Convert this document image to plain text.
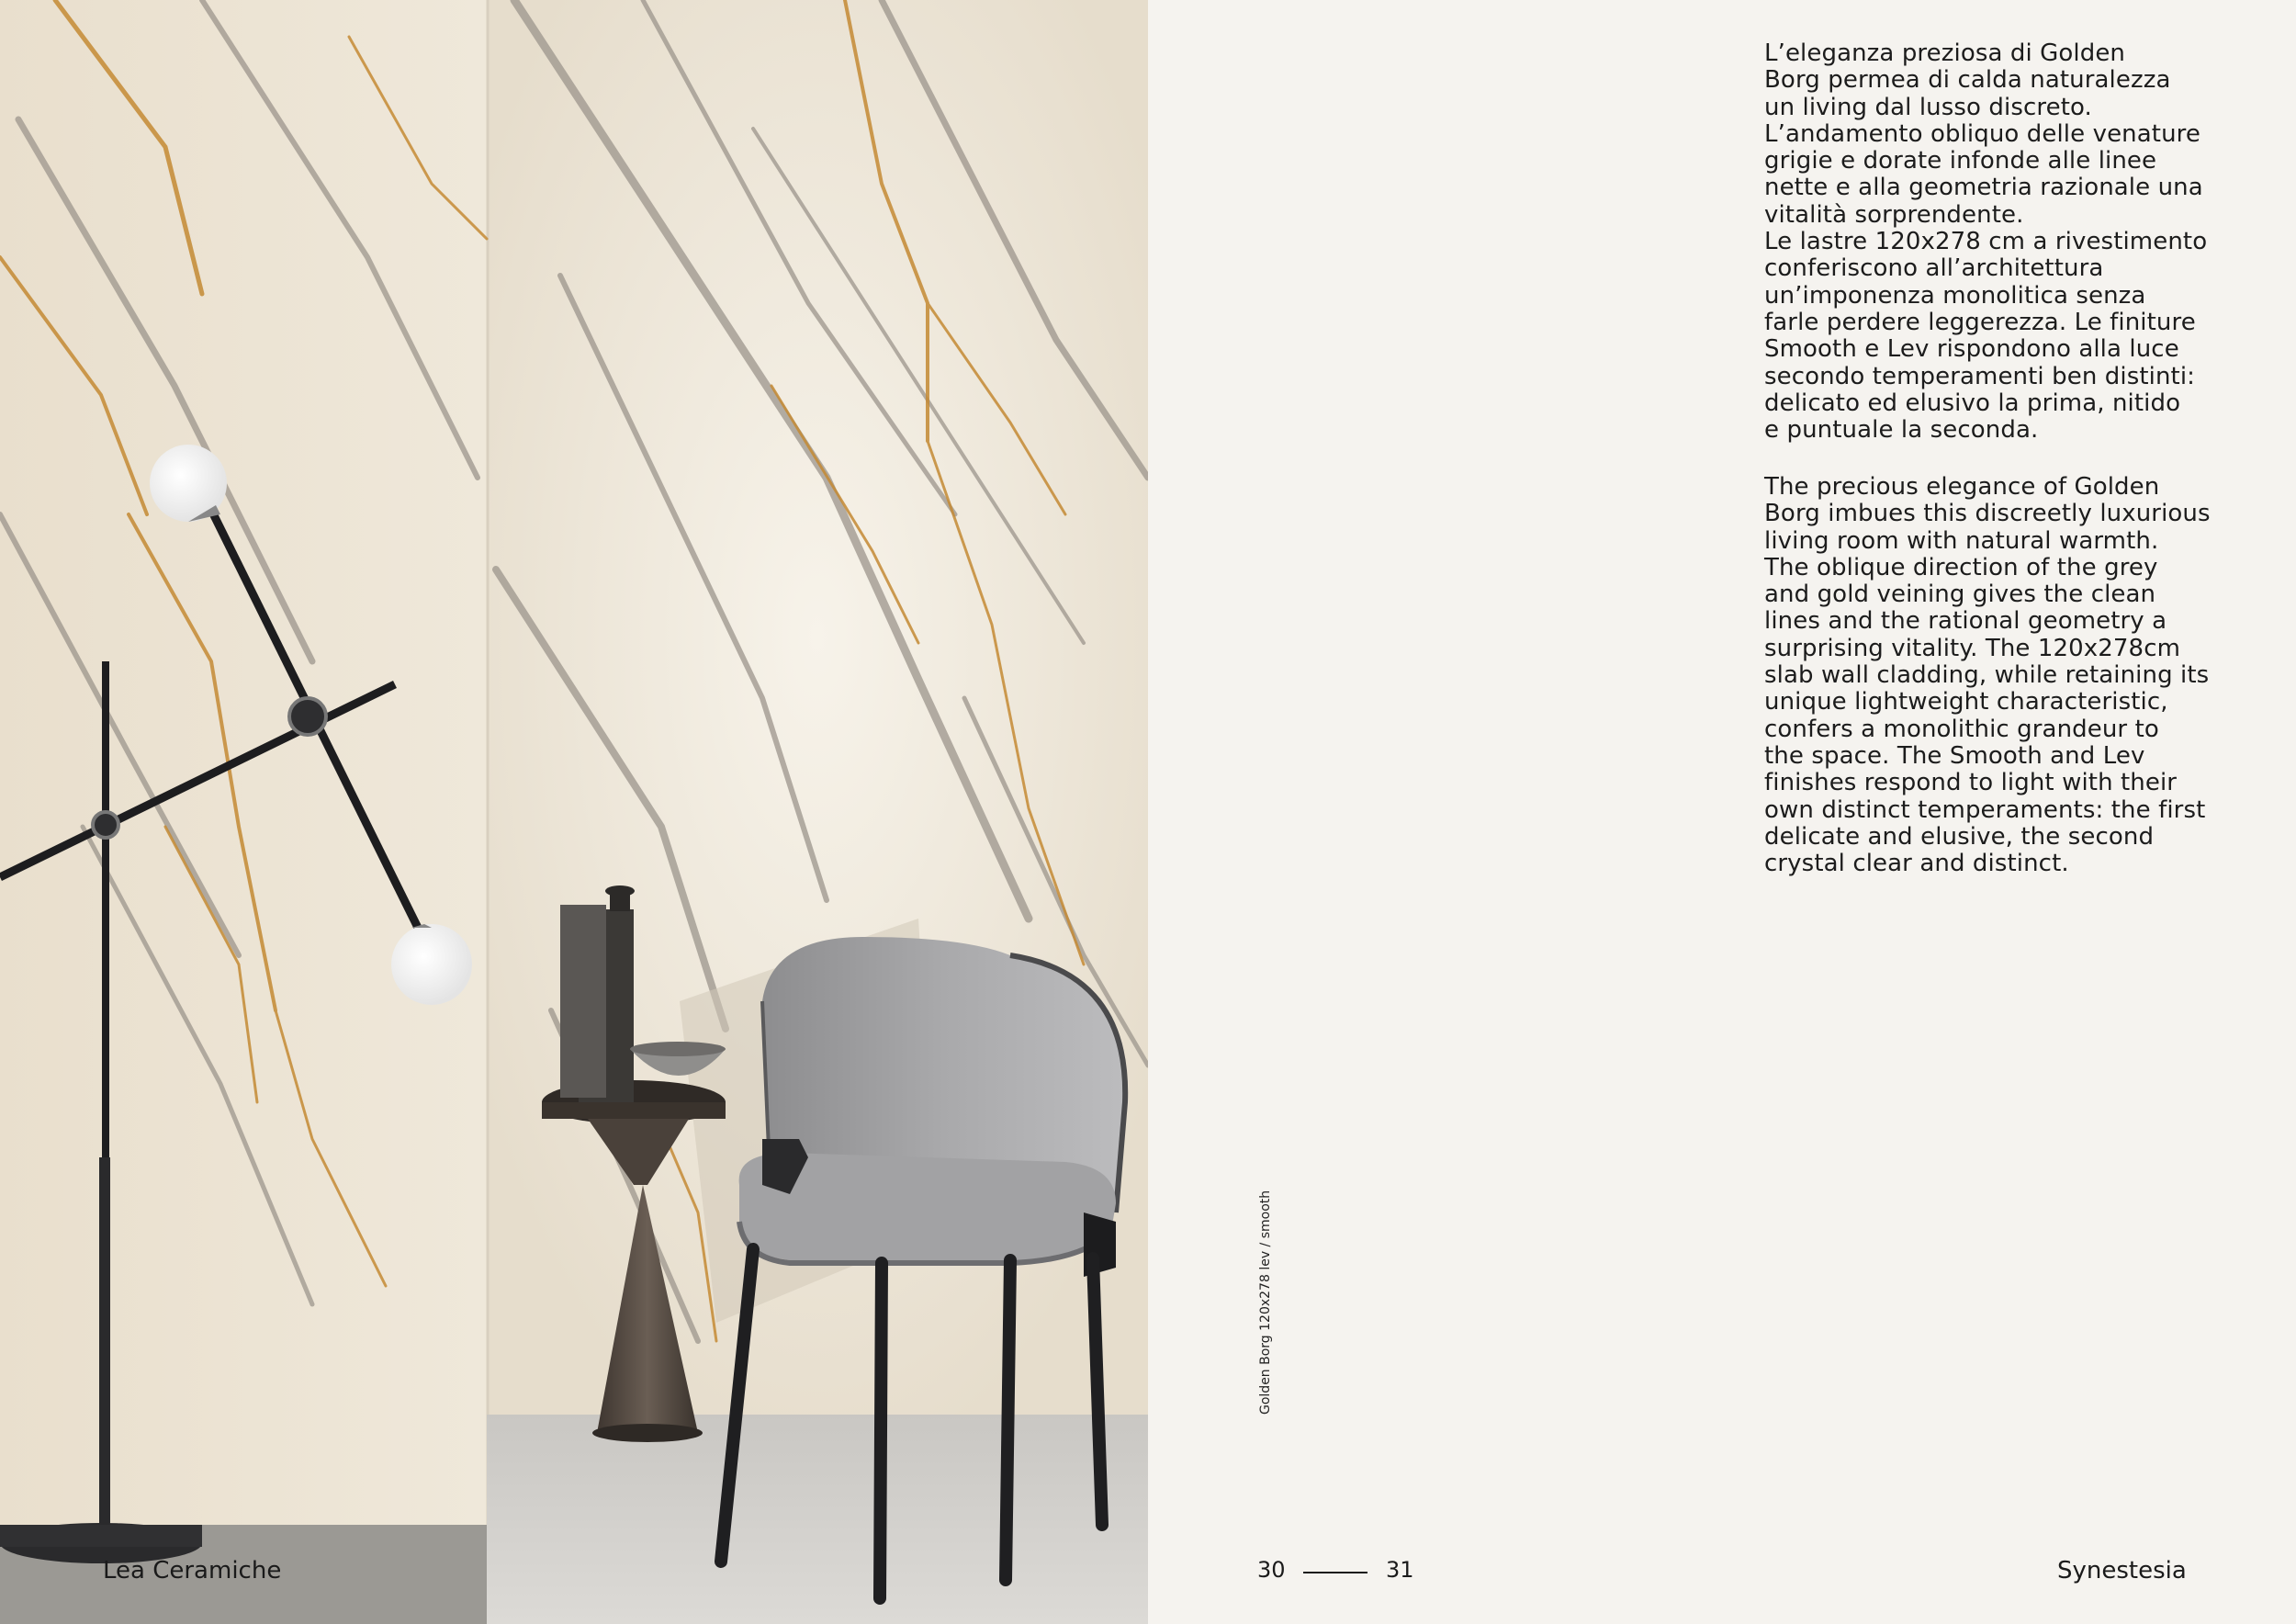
L’eleganza preziosa di Golden
Borg permea di calda naturalezza
un living dal lusso discreto.
L’andamento obliquo delle venature
grigie e dorate infonde alle linee
nette e alla geometria razionale una
vitalità sorprendente.
Le lastre 120x278 cm a rivestimento
conferiscono all’architettura
un’imponenza monolitica senza
farle perdere leggerezza. Le finiture
Smooth e Lev rispondono alla luce
secondo temperamenti ben distinti:
delicato ed elusivo la prima, nitido
e puntuale la seconda.

The precious elegance of Golden
Borg imbues this discreetly luxurious
living room with natural warmth.
The oblique direction of the grey
and gold veining gives the clean
lines and the rational geometry a
surprising vitality. The 120x278cm
slab wall cladding, while retaining its
unique lightweight characteristic,
confers a monolithic grandeur to
the space. The Smooth and Lev
finishes respond to light with their
own distinct temperaments: the first
delicate and elusive, the second
crystal clear and distinct.

Lea Ceramiche	30	31	Synestesia
